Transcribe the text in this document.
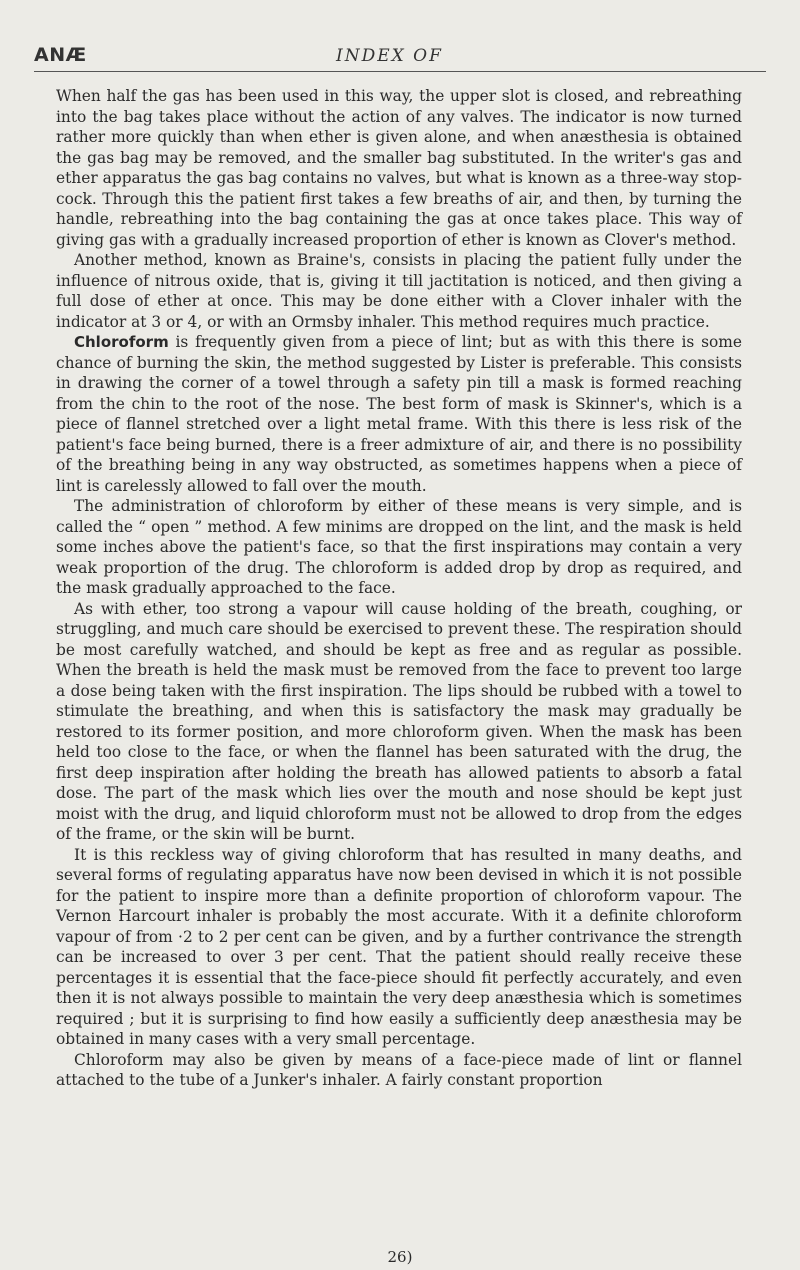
ANÆ	INDEX OF

When half the gas has been used in this way, the upper slot is closed, and rebreathing into the bag takes place without the action of any valves. The indicator is now turned rather more quickly than when ether is given alone, and when anæsthesia is obtained the gas bag may be removed, and the smaller bag substituted. In the writer's gas and ether apparatus the gas bag contains no valves, but what is known as a three-way stop-cock. Through this the patient first takes a few breaths of air, and then, by turning the handle, rebreathing into the bag containing the gas at once takes place. This way of giving gas with a gradually increased proportion of ether is known as Clover's method.

Another method, known as Braine's, consists in placing the patient fully under the influence of nitrous oxide, that is, giving it till jactitation is noticed, and then giving a full dose of ether at once. This may be done either with a Clover inhaler with the indicator at 3 or 4, or with an Ormsby inhaler. This method requires much practice.

Chloroform is frequently given from a piece of lint; but as with this there is some chance of burning the skin, the method suggested by Lister is preferable. This consists in drawing the corner of a towel through a safety pin till a mask is formed reaching from the chin to the root of the nose. The best form of mask is Skinner's, which is a piece of flannel stretched over a light metal frame. With this there is less risk of the patient's face being burned, there is a freer admixture of air, and there is no possibility of the breathing being in any way obstructed, as sometimes happens when a piece of lint is carelessly allowed to fall over the mouth.

The administration of chloroform by either of these means is very simple, and is called the “ open ” method. A few minims are dropped on the lint, and the mask is held some inches above the patient's face, so that the first inspirations may contain a very weak proportion of the drug. The chloroform is added drop by drop as required, and the mask gradually approached to the face.

As with ether, too strong a vapour will cause holding of the breath, coughing, or struggling, and much care should be exercised to prevent these. The respiration should be most carefully watched, and should be kept as free and as regular as possible. When the breath is held the mask must be removed from the face to prevent too large a dose being taken with the first inspiration. The lips should be rubbed with a towel to stimulate the breathing, and when this is satisfactory the mask may gradually be restored to its former position, and more chloroform given. When the mask has been held too close to the face, or when the flannel has been saturated with the drug, the first deep inspiration after holding the breath has allowed patients to absorb a fatal dose. The part of the mask which lies over the mouth and nose should be kept just moist with the drug, and liquid chloroform must not be allowed to drop from the edges of the frame, or the skin will be burnt.

It is this reckless way of giving chloroform that has resulted in many deaths, and several forms of regulating apparatus have now been devised in which it is not possible for the patient to inspire more than a definite proportion of chloroform vapour. The Vernon Harcourt inhaler is probably the most accurate. With it a definite chloroform vapour of from ·2 to 2 per cent can be given, and by a further contrivance the strength can be increased to over 3 per cent. That the patient should really receive these percentages it is essential that the face-piece should fit perfectly accurately, and even then it is not always possible to maintain the very deep anæsthesia which is sometimes required ; but it is surprising to find how easily a sufficiently deep anæsthesia may be obtained in many cases with a very small percentage.

Chloroform may also be given by means of a face-piece made of lint or flannel attached to the tube of a Junker's inhaler. A fairly constant proportion

26)
